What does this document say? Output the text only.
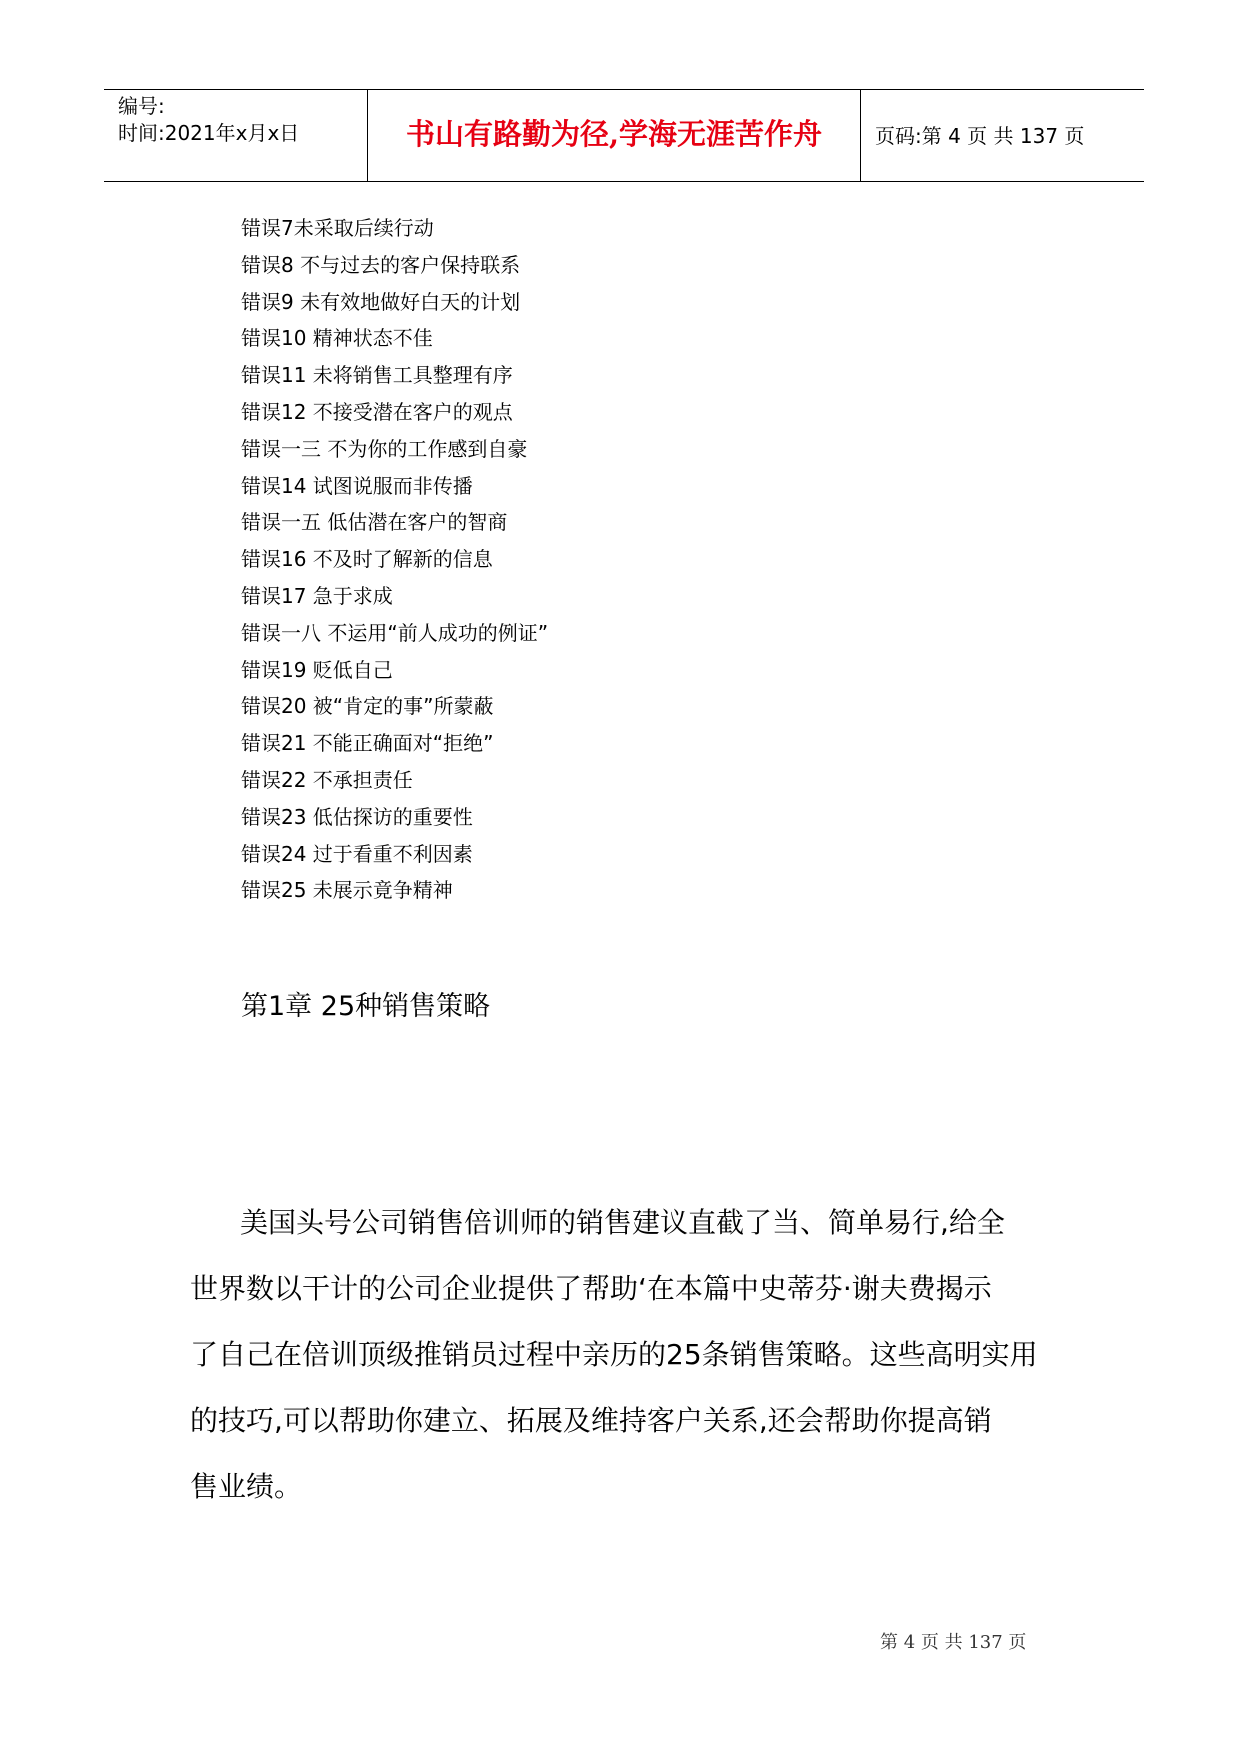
编号:
时间:2021年x月x日	书山有路勤为径,学海无涯苦作舟	页码:第 4 页 共 137 页
错误7未采取后续行动
错误8 不与过去的客户保持联系
错误9 未有效地做好白天的计划
错误10 精神状态不佳
错误11 未将销售工具整理有序
错误12 不接受潜在客户的观点
错误一三 不为你的工作感到自豪
错误14 试图说服而非传播
错误一五 低估潜在客户的智商
错误16 不及时了解新的信息
错误17 急于求成
错误一八 不运用“前人成功的例证”
错误19 贬低自己
错误20 被“肯定的事”所蒙蔽
错误21 不能正确面对“拒绝”
错误22 不承担责任
错误23 低估探访的重要性
错误24 过于看重不利因素
错误25 未展示竟争精神
第1章 25种销售策略
美国头号公司销售倍训师的销售建议直截了当、简单易行,给全
世界数以干计的公司企业提供了帮助‘在本篇中史蒂芬·谢夫费揭示
了自己在倍训顶级推销员过程中亲历的25条销售策略。这些高明实用
的技巧,可以帮助你建立、拓展及维持客户关系,还会帮助你提高销
售业绩。
第 4 页 共 137 页
